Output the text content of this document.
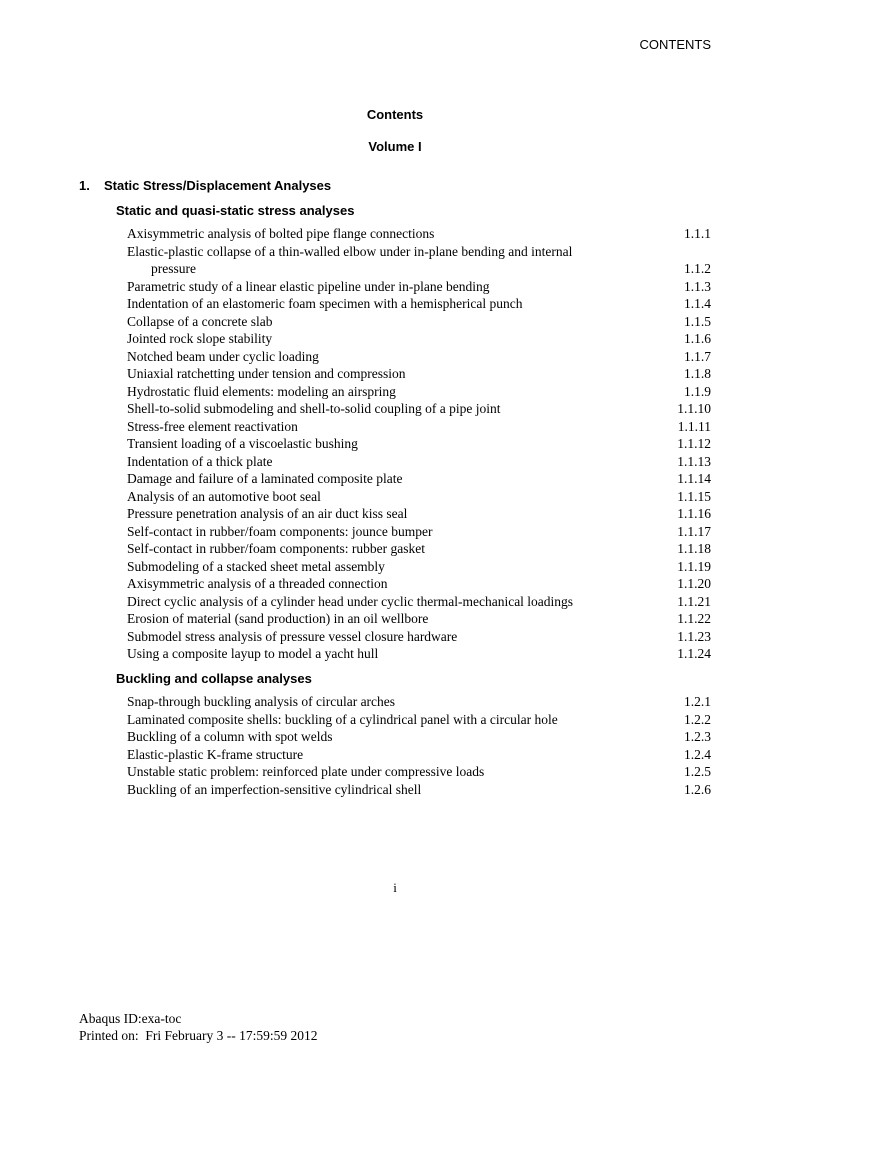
CONTENTS
Contents
Volume I
1. Static Stress/Displacement Analyses
Static and quasi-static stress analyses
Axisymmetric analysis of bolted pipe flange connections	1.1.1
Elastic-plastic collapse of a thin-walled elbow under in-plane bending and internal
pressure	1.1.2
Parametric study of a linear elastic pipeline under in-plane bending	1.1.3
Indentation of an elastomeric foam specimen with a hemispherical punch	1.1.4
Collapse of a concrete slab	1.1.5
Jointed rock slope stability	1.1.6
Notched beam under cyclic loading	1.1.7
Uniaxial ratchetting under tension and compression	1.1.8
Hydrostatic fluid elements: modeling an airspring	1.1.9
Shell-to-solid submodeling and shell-to-solid coupling of a pipe joint	1.1.10
Stress-free element reactivation	1.1.11
Transient loading of a viscoelastic bushing	1.1.12
Indentation of a thick plate	1.1.13
Damage and failure of a laminated composite plate	1.1.14
Analysis of an automotive boot seal	1.1.15
Pressure penetration analysis of an air duct kiss seal	1.1.16
Self-contact in rubber/foam components: jounce bumper	1.1.17
Self-contact in rubber/foam components: rubber gasket	1.1.18
Submodeling of a stacked sheet metal assembly	1.1.19
Axisymmetric analysis of a threaded connection	1.1.20
Direct cyclic analysis of a cylinder head under cyclic thermal-mechanical loadings	1.1.21
Erosion of material (sand production) in an oil wellbore	1.1.22
Submodel stress analysis of pressure vessel closure hardware	1.1.23
Using a composite layup to model a yacht hull	1.1.24
Buckling and collapse analyses
Snap-through buckling analysis of circular arches	1.2.1
Laminated composite shells: buckling of a cylindrical panel with a circular hole	1.2.2
Buckling of a column with spot welds	1.2.3
Elastic-plastic K-frame structure	1.2.4
Unstable static problem: reinforced plate under compressive loads	1.2.5
Buckling of an imperfection-sensitive cylindrical shell	1.2.6
i
Abaqus ID:exa-toc
Printed on:  Fri February 3 -- 17:59:59 2012
